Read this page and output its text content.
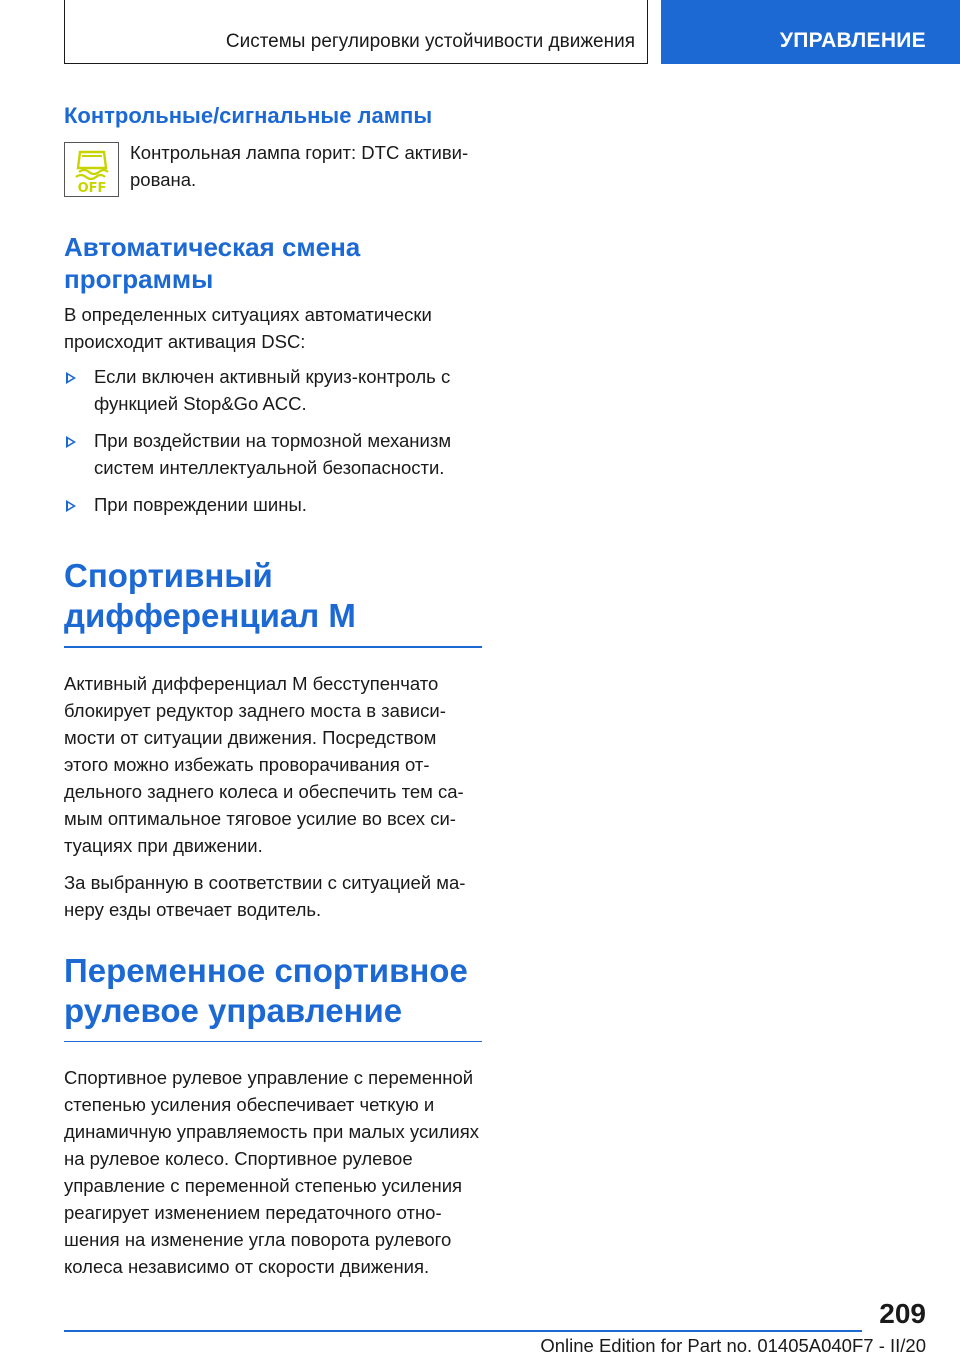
Системы регулировки устойчивости движения	УПРАВЛЕНИЕ
Контрольные/сигнальные лампы
OFF

Контрольная лампа горит: DTC активирована.

Автоматическая смена программы

В определенных ситуациях автоматически происходит активация DSC:

Если включен активный круиз-контроль с функцией Stop&Go ACC.
При воздействии на тормозной механизм систем интеллектуальной безопасности.
При повреждении шины.
Спортивный дифференциал M

Активный дифференциал M бесступенчато блокирует редуктор заднего моста в зависимости от ситуации движения. Посредством этого можно избежать проворачивания отдельного заднего колеса и обеспечить тем самым оптимальное тяговое усилие во всех ситуациях при движении.

За выбранную в соответствии с ситуацией манеру езды отвечает водитель.

Переменное спортивное рулевое управление

Спортивное рулевое управление с переменной степенью усиления обеспечивает четкую и динамичную управляемость при малых усилиях на рулевое колесо. Спортивное рулевое управление с переменной степенью усиления реагирует изменением передаточного отношения на изменение угла поворота рулевого колеса независимо от скорости движения.

209
Online Edition for Part no. 01405A040F7 - II/20
